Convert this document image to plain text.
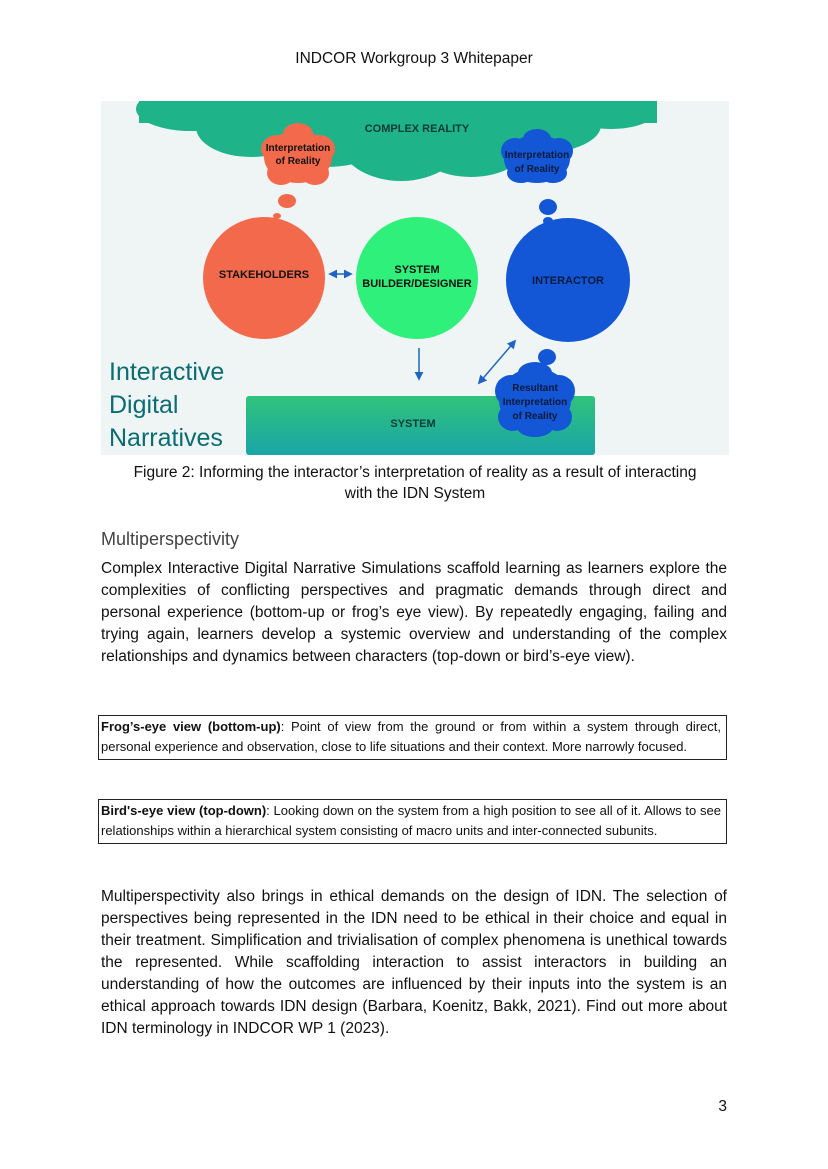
INDCOR Workgroup 3 Whitepaper
COMPLEX REALITY
Interpretation
of Reality
Interpretation
of Reality
STAKEHOLDERS	SYSTEM
BUILDER/DESIGNER	INTERACTOR
SYSTEM
Resultant
Interpretation
of Reality
Interactive
Digital
Narratives
Figure 2: Informing the interactor’s interpretation of reality as a result of interacting
with the IDN System
Multiperspectivity
Complex Interactive Digital Narrative Simulations scaffold learning as learners explore the complexities of conflicting perspectives and pragmatic demands through direct and personal experience (bottom-up or frog’s eye view). By repeatedly engaging, failing and trying again, learners develop a systemic overview and understanding of the complex relationships and dynamics between characters (top-down or bird’s-eye view).
Frog’s-eye view (bottom-up): Point of view from the ground or from within a system through direct, personal experience and observation, close to life situations and their context. More narrowly focused.
Bird's-eye view (top-down): Looking down on the system from a high position to see all of it. Allows to see relationships within a hierarchical system consisting of macro units and inter-connected subunits.
Multiperspectivity also brings in ethical demands on the design of IDN. The selection of perspectives being represented in the IDN need to be ethical in their choice and equal in their treatment. Simplification and trivialisation of complex phenomena is unethical towards the represented. While scaffolding interaction to assist interactors in building an understanding of how the outcomes are influenced by their inputs into the system is an ethical approach towards IDN design (Barbara, Koenitz, Bakk, 2021). Find out more about IDN terminology in INDCOR WP 1 (2023).
3
